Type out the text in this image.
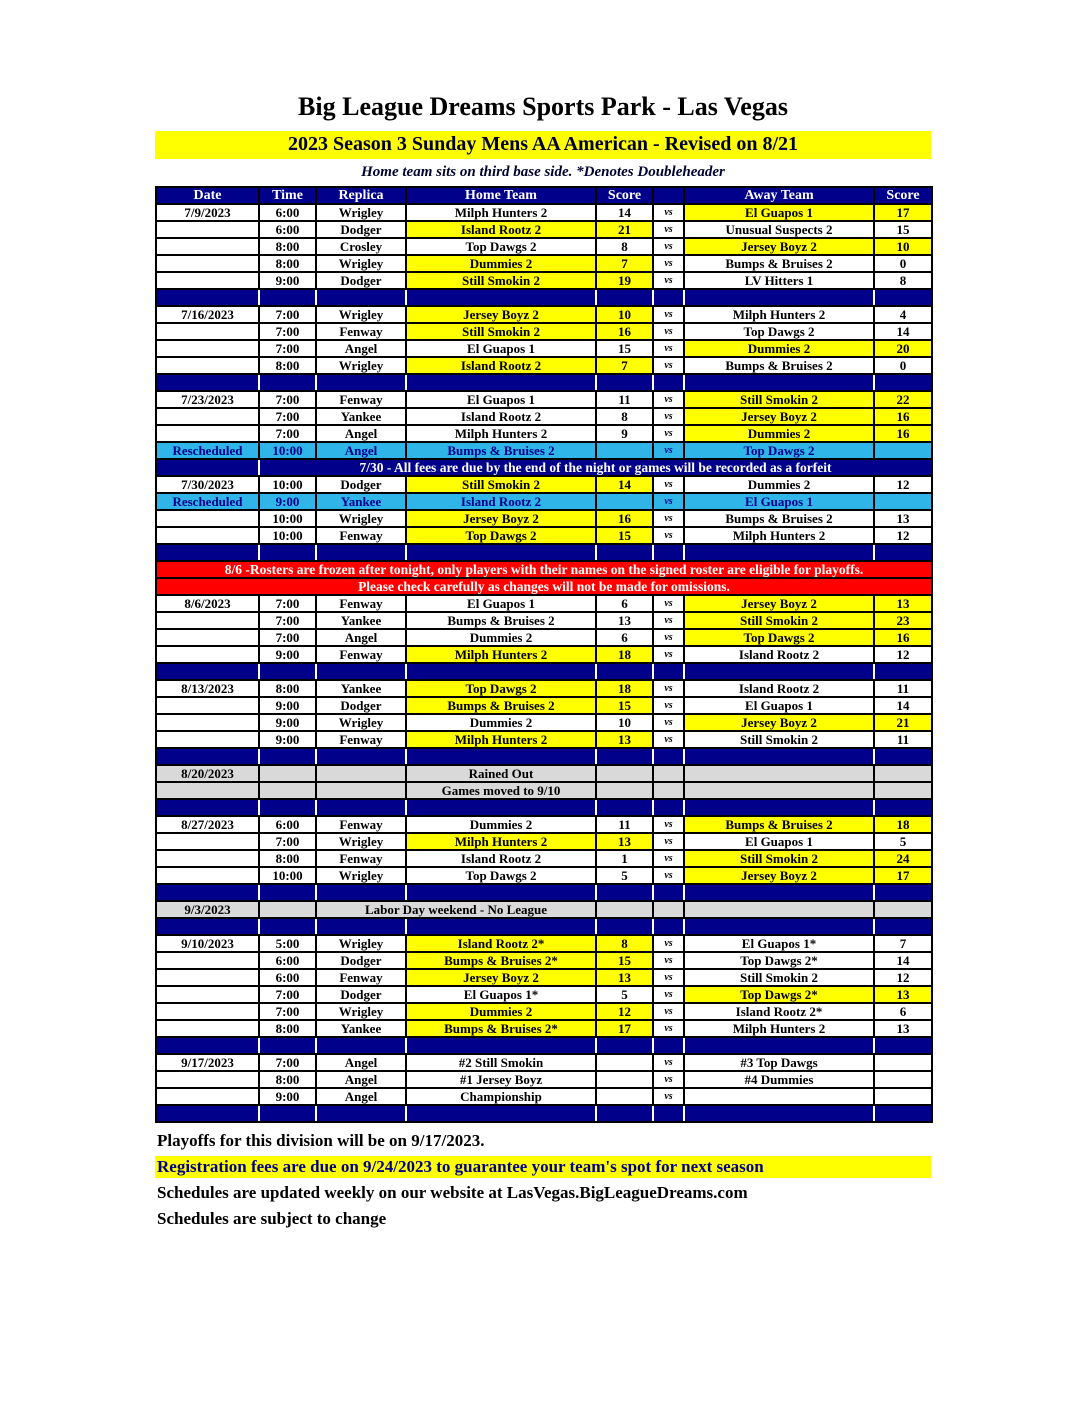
Big League Dreams Sports Park - Las Vegas
2023 Season 3 Sunday Mens AA American - Revised on 8/21
Home team sits on third base side. *Denotes Doubleheader
Date	Time	Replica	Home Team	Score		Away Team	Score
7/9/2023	6:00	Wrigley	Milph Hunters 2	14	vs	El Guapos 1	17
	6:00	Dodger	Island Rootz 2	21	vs	Unusual Suspects 2	15
	8:00	Crosley	Top Dawgs 2	8	vs	Jersey Boyz 2	10
	8:00	Wrigley	Dummies 2	7	vs	Bumps & Bruises 2	0
	9:00	Dodger	Still Smokin 2	19	vs	LV Hitters 1	8

7/16/2023	7:00	Wrigley	Jersey Boyz 2	10	vs	Milph Hunters 2	4
	7:00	Fenway	Still Smokin 2	16	vs	Top Dawgs 2	14
	7:00	Angel	El Guapos 1	15	vs	Dummies 2	20
	8:00	Wrigley	Island Rootz 2	7	vs	Bumps & Bruises 2	0

7/23/2023	7:00	Fenway	El Guapos 1	11	vs	Still Smokin 2	22
	7:00	Yankee	Island Rootz 2	8	vs	Jersey Boyz 2	16
	7:00	Angel	Milph Hunters 2	9	vs	Dummies 2	16
Rescheduled	10:00	Angel	Bumps & Bruises 2		vs	Top Dawgs 2	
	7/30 - All fees are due by the end of the night or games will be recorded as a forfeit						
7/30/2023	10:00	Dodger	Still Smokin 2	14	vs	Dummies 2	12
Rescheduled	9:00	Yankee	Island Rootz 2		vs	El Guapos 1	
	10:00	Wrigley	Jersey Boyz 2	16	vs	Bumps & Bruises 2	13
	10:00	Fenway	Top Dawgs 2	15	vs	Milph Hunters 2	12

8/6 -Rosters are frozen after tonight, only players with their names on the signed roster are eligible for playoffs.							
Please check carefully as changes will not be made for omissions.							
8/6/2023	7:00	Fenway	El Guapos 1	6	vs	Jersey Boyz 2	13
	7:00	Yankee	Bumps & Bruises 2	13	vs	Still Smokin 2	23
	7:00	Angel	Dummies 2	6	vs	Top Dawgs 2	16
	9:00	Fenway	Milph Hunters 2	18	vs	Island Rootz 2	12

8/13/2023	8:00	Yankee	Top Dawgs 2	18	vs	Island Rootz 2	11
	9:00	Dodger	Bumps & Bruises 2	15	vs	El Guapos 1	14
	9:00	Wrigley	Dummies 2	10	vs	Jersey Boyz 2	21
	9:00	Fenway	Milph Hunters 2	13	vs	Still Smokin 2	11

8/20/2023			Rained Out				
			Games moved to 9/10				

8/27/2023	6:00	Fenway	Dummies 2	11	vs	Bumps & Bruises 2	18
	7:00	Wrigley	Milph Hunters 2	13	vs	El Guapos 1	5
	8:00	Fenway	Island Rootz 2	1	vs	Still Smokin 2	24
	10:00	Wrigley	Top Dawgs 2	5	vs	Jersey Boyz 2	17

9/3/2023		Labor Day weekend - No League					

9/10/2023	5:00	Wrigley	Island Rootz 2*	8	vs	El Guapos 1*	7
	6:00	Dodger	Bumps & Bruises 2*	15	vs	Top Dawgs 2*	14
	6:00	Fenway	Jersey Boyz 2	13	vs	Still Smokin 2	12
	7:00	Dodger	El Guapos 1*	5	vs	Top Dawgs 2*	13
	7:00	Wrigley	Dummies 2	12	vs	Island Rootz 2*	6
	8:00	Yankee	Bumps & Bruises 2*	17	vs	Milph Hunters 2	13

9/17/2023	7:00	Angel	#2 Still Smokin		vs	#3 Top Dawgs	
	8:00	Angel	#1 Jersey Boyz		vs	#4 Dummies	
	9:00	Angel	Championship		vs		

Playoffs for this division will be on 9/17/2023.
Registration fees are due on 9/24/2023 to guarantee your team's spot for next season
Schedules are updated weekly on our website at LasVegas.BigLeagueDreams.com
Schedules are subject to change
